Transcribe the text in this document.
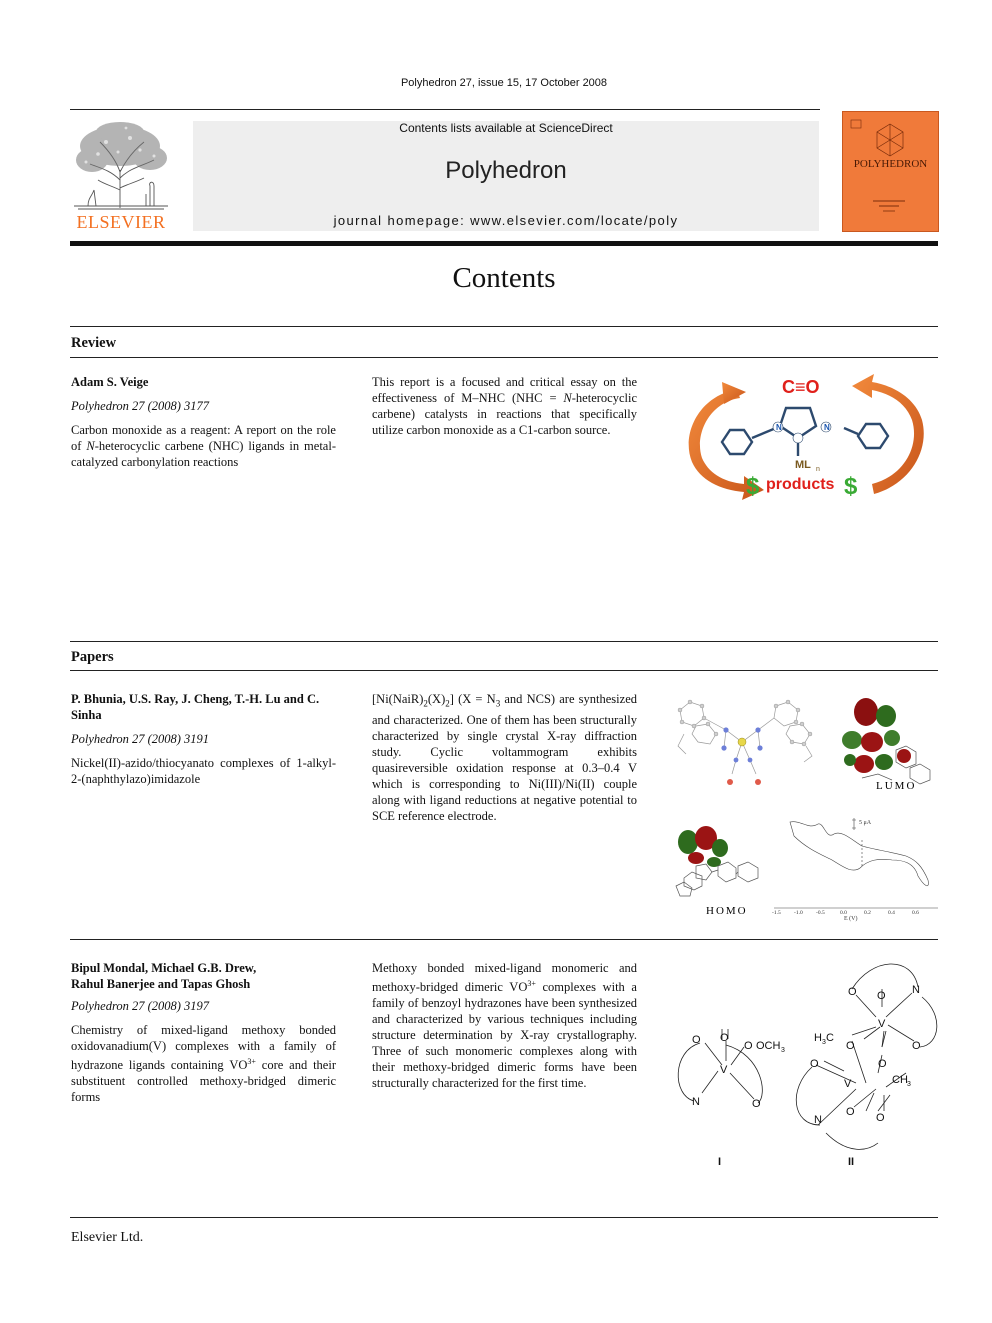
Polyhedron 27, issue 15, 17 October 2008
ELSEVIER
Contents lists available at ScienceDirect
Polyhedron
journal homepage: www.elsevier.com/locate/poly
POLYHEDRON
Contents
Review
Adam S. Veige
Polyhedron 27 (2008) 3177
Carbon monoxide as a reagent: A report on the role of N-heterocyclic carbene (NHC) ligands in metal-catalyzed carbonylation reactions
This report is a focused and critical essay on the effectiveness of M–NHC (NHC = N-heterocyclic carbene) catalysts in reactions that specifically utilize carbon monoxide as a C1-carbon source.	N	N
C≡O
ML n
$ products $
Papers
P. Bhunia, U.S. Ray, J. Cheng, T.-H. Lu and C. Sinha
Polyhedron 27 (2008) 3191
Nickel(II)-azido/thiocyanato complexes of 1-alkyl-2-(naphthylazo)imidazole
$[Ni(NaiR)_2(X)_2] (X = N_3$ and NCS) are synthesized and characterized. One of them has been structurally characterized by single crystal X-ray diffraction study. Cyclic voltammogram exhibits quasireversible oxidation response at 0.3–0.4 V which is corresponding to Ni(III)/Ni(II) couple along with ligand reductions at negative potential to SCE reference electrode.
LUMO
HOMO
5 μA
-1.5 -1.0 -0.5	0.0	0.2	0.4	0.6
E (V)
Bipul Mondal, Michael G.B. Drew,
Rahul Banerjee and Tapas Ghosh
Polyhedron 27 (2008) 3197
Chemistry of mixed-ligand methoxy bonded oxidovanadium(V) complexes with a family of hydrazone ligands containing $VO^{3+}$ core and their substituent controlled methoxy-bridged dimeric forms
Methoxy bonded mixed-ligand monomeric and methoxy-bridged dimeric $VO^{3+}$ complexes with a family of benzoyl hydrazones have been synthesized and characterized by various techniques including structure determination by X-ray crystallography. Three of such monomeric complexes along with their methoxy-bridged dimeric forms have been structurally characterized for the first time.
O O
O OCH 3
V
N	O
I
O O N
V
O
H 3 C
O
O
CH 3
O
V
N
O O
II
Elsevier Ltd.
